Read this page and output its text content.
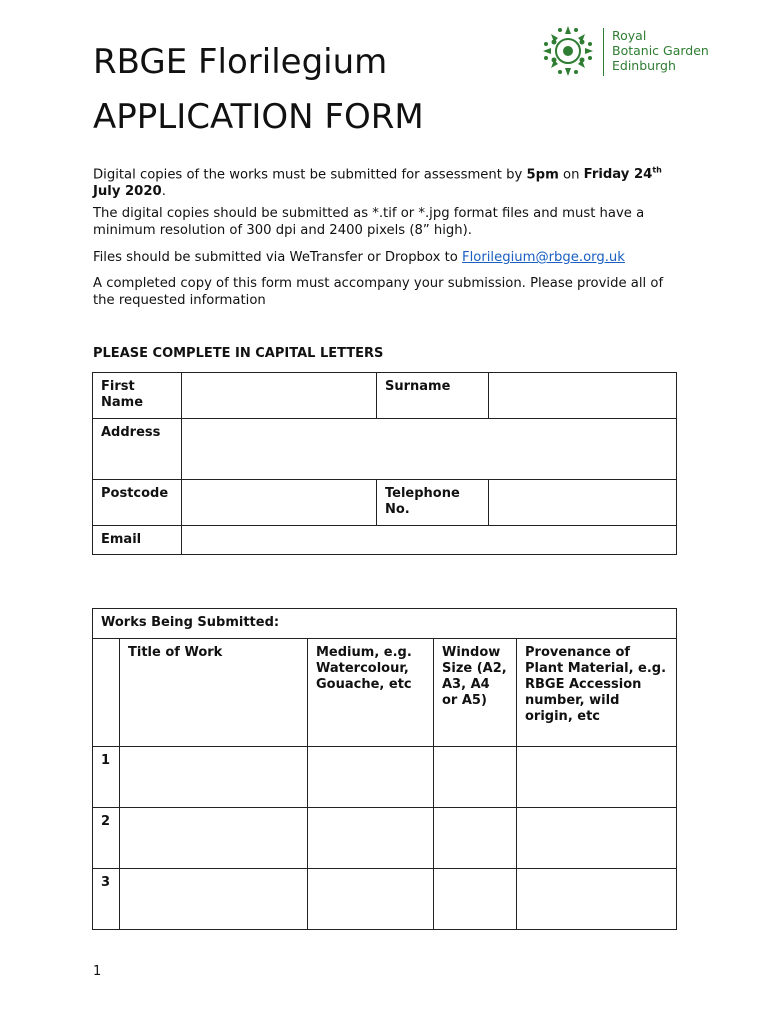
RBGE Florilegium
APPLICATION FORM
Royal
Botanic Garden
Edinburgh
Digital copies of the works must be submitted for assessment by 5pm on Friday 24th July 2020.
The digital copies should be submitted as *.tif or *.jpg format files and must have a minimum resolution of 300 dpi and 2400 pixels (8” high).
Files should be submitted via WeTransfer or Dropbox to Florilegium@rbge.org.uk
A completed copy of this form must accompany your submission. Please provide all of the requested information
PLEASE COMPLETE IN CAPITAL LETTERS
First Name		Surname	
Address			
Postcode		Telephone No.	
Email			
Works Being Submitted:				
	Title of Work	Medium, e.g. Watercolour, Gouache, etc	Window Size (A2, A3, A4 or A5)	Provenance of Plant Material, e.g. RBGE Accession number, wild origin, etc
1				
2				
3				
1
